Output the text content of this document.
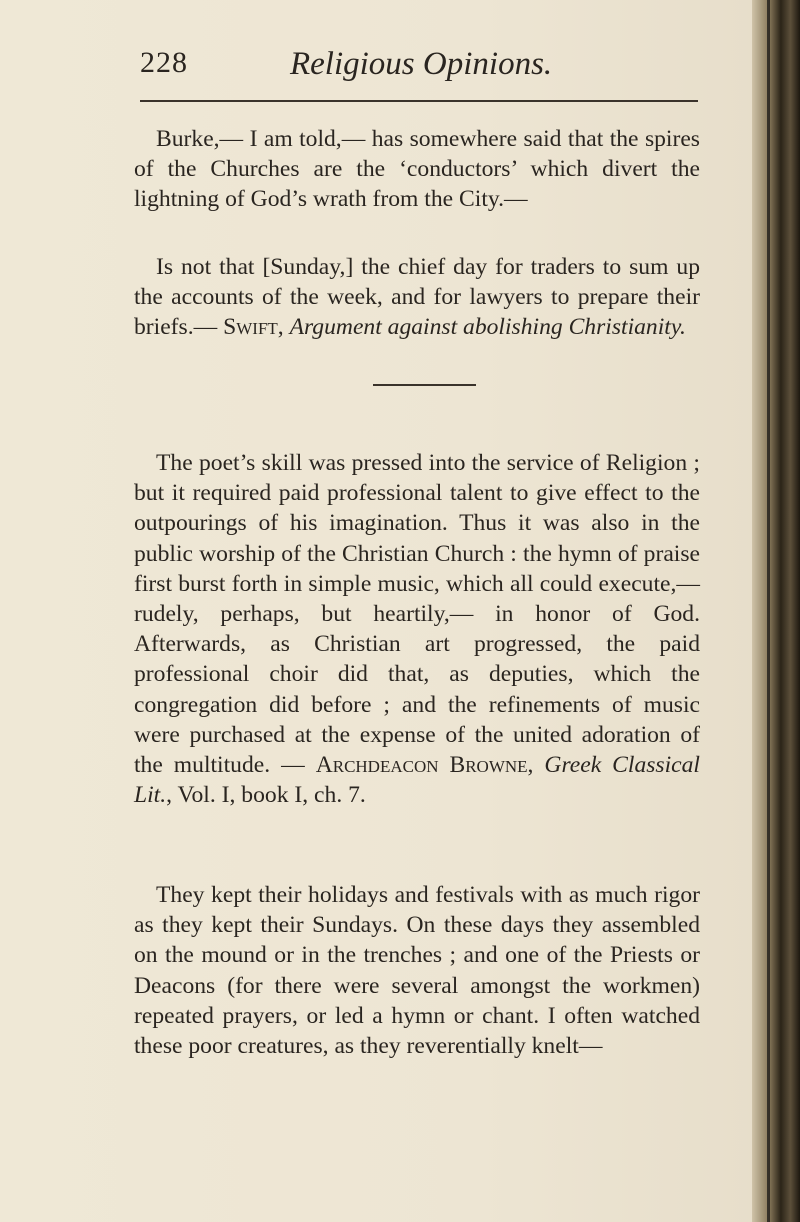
228	Religious Opinions.

Burke,— I am told,— has somewhere said that the spires of the Churches are the ‘conductors’ which divert the lightning of God’s wrath from the City.—

Is not that [Sunday,] the chief day for traders to sum up the accounts of the week, and for lawyers to prepare their briefs.— Swift, Argument against abolishing Christianity.

The poet’s skill was pressed into the service of Religion ; but it required paid professional talent to give effect to the outpourings of his imagination. Thus it was also in the public worship of the Christian Church : the hymn of praise first burst forth in simple music, which all could execute,— rudely, perhaps, but heartily,— in honor of God. Afterwards, as Christian art progressed, the paid professional choir did that, as deputies, which the congregation did before ; and the refinements of music were purchased at the expense of the united adoration of the multitude. — Archdeacon Browne, Greek Classical Lit., Vol. I, book I, ch. 7.

They kept their holidays and festivals with as much rigor as they kept their Sundays. On these days they assembled on the mound or in the trenches ; and one of the Priests or Deacons (for there were several amongst the workmen) repeated prayers, or led a hymn or chant. I often watched these poor creatures, as they reverentially knelt—
